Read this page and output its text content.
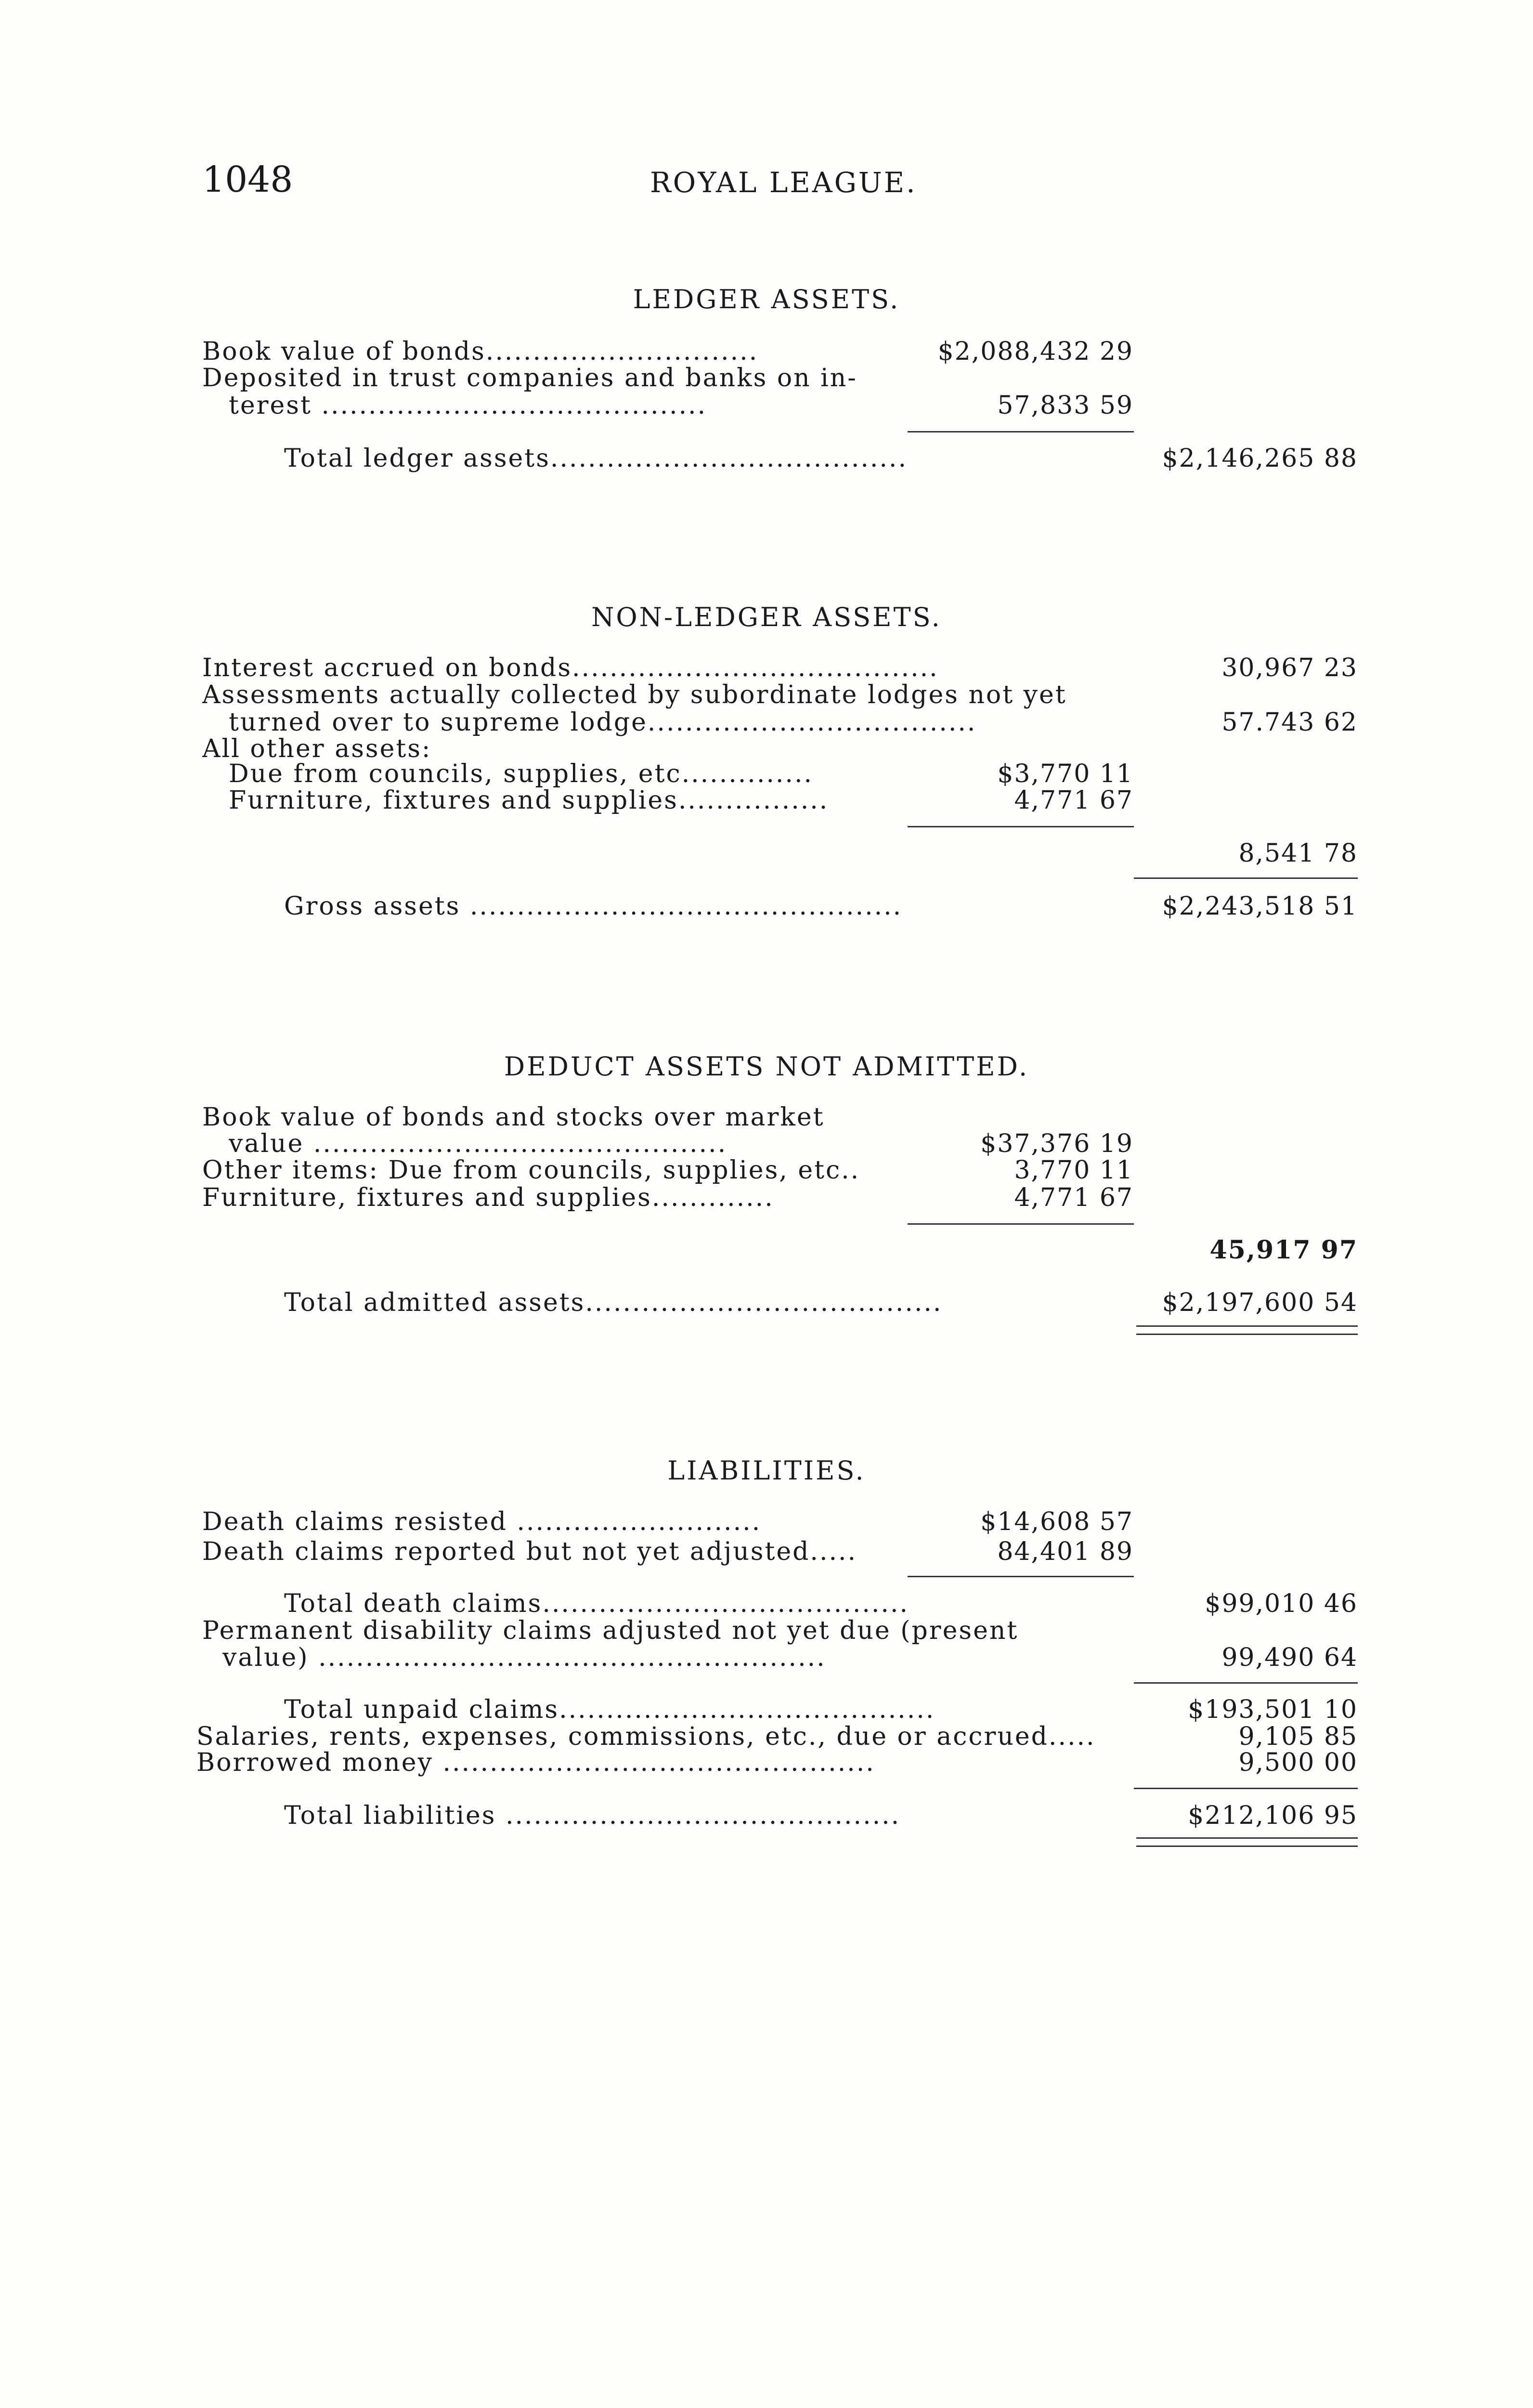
1048	ROYAL LEAGUE.
LEDGER ASSETS.
Book value of bonds.............................	$2,088,432 29
Deposited in trust companies and banks on in-
terest .........................................	57,833 59
Total ledger assets......................................	$2,146,265 88
NON-LEDGER ASSETS.
Interest accrued on bonds.......................................	30,967 23
Assessments actually collected by subordinate lodges not yet
turned over to supreme lodge...................................	57.743 62
All other assets:
Due from councils, supplies, etc..............	$3,770 11
Furniture, fixtures and supplies................	4,771 67
8,541 78
Gross assets ..............................................	$2,243,518 51
DEDUCT ASSETS NOT ADMITTED.
Book value of bonds and stocks over market
value ............................................	$37,376 19
Other items: Due from councils, supplies, etc..	3,770 11
Furniture, fixtures and supplies.............	4,771 67
45,917 97
Total admitted assets......................................	$2,197,600 54
LIABILITIES.
Death claims resisted ..........................	$14,608 57
Death claims reported but not yet adjusted.....	84,401 89
Total death claims.......................................	$99,010 46
Permanent disability claims adjusted not yet due (present
value) ......................................................	99,490 64
Total unpaid claims........................................	$193,501 10
Salaries, rents, expenses, commissions, etc., due or accrued.....	9,105 85
Borrowed money ..............................................	9,500 00
Total liabilities ..........................................	$212,106 95
